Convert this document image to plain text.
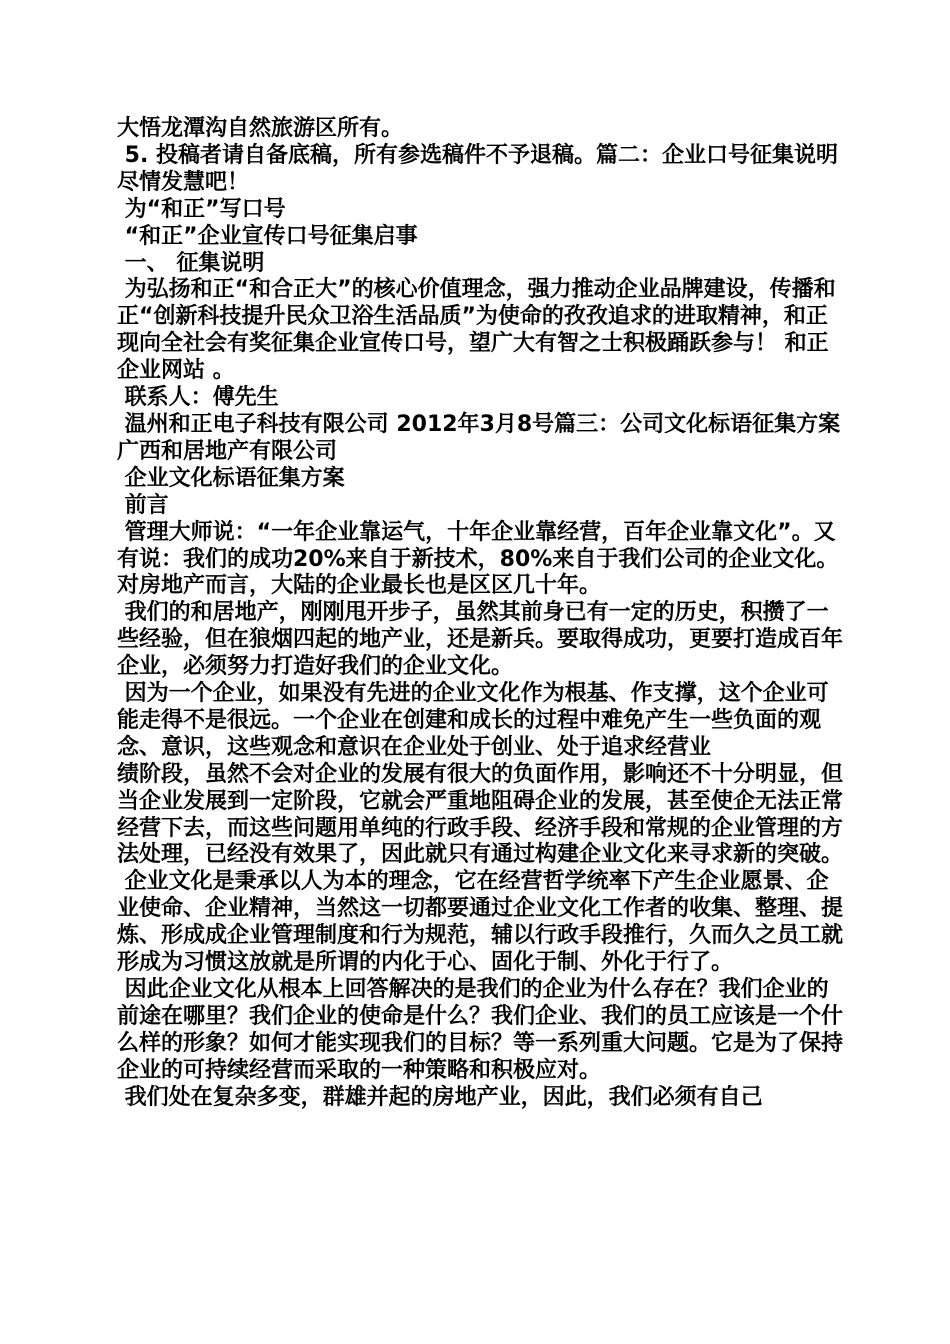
大悟龙潭沟自然旅游区所有。

5. 投稿者请自备底稿，所有参选稿件不予退稿。篇二：企业口号征集说明尽情发慧吧！

为“和正”写口号

“和正”企业宣传口号征集启事

一、 征集说明

为弘扬和正“和合正大”的核心价值理念，强力推动企业品牌建设，传播和正“创新科技提升民众卫浴生活品质”为使命的孜孜追求的进取精神，和正现向全社会有奖征集企业宣传口号，望广大有智之士积极踊跃参与！ 和正企业网站 。

联系人：傅先生

温州和正电子科技有限公司 2012年3月8号篇三：公司文化标语征集方案广西和居地产有限公司

企业文化标语征集方案

前言

管理大师说：“一年企业靠运气，十年企业靠经营，百年企业靠文化”。又有说：我们的成功20%来自于新技术，80%来自于我们公司的企业文化。对房地产而言，大陆的企业最长也是区区几十年。

我们的和居地产，刚刚甩开步子，虽然其前身已有一定的历史，积攒了一些经验，但在狼烟四起的地产业，还是新兵。要取得成功，更要打造成百年企业，必须努力打造好我们的企业文化。

因为一个企业，如果没有先进的企业文化作为根基、作支撑，这个企业可能走得不是很远。一个企业在创建和成长的过程中难免产生一些负面的观念、意识，这些观念和意识在企业处于创业、处于追求经营业

绩阶段，虽然不会对企业的发展有很大的负面作用，影响还不十分明显，但当企业发展到一定阶段，它就会严重地阻碍企业的发展，甚至使企无法正常经营下去，而这些问题用单纯的行政手段、经济手段和常规的企业管理的方法处理，已经没有效果了，因此就只有通过构建企业文化来寻求新的突破。

企业文化是秉承以人为本的理念，它在经营哲学统率下产生企业愿景、企业使命、企业精神，当然这一切都要通过企业文化工作者的收集、整理、提炼、形成成企业管理制度和行为规范，辅以行政手段推行，久而久之员工就形成为习惯这放就是所谓的内化于心、固化于制、外化于行了。

因此企业文化从根本上回答解决的是我们的企业为什么存在？我们企业的前途在哪里？我们企业的使命是什么？我们企业、我们的员工应该是一个什么样的形象？如何才能实现我们的目标？等一系列重大问题。它是为了保持企业的可持续经营而采取的一种策略和积极应对。

我们处在复杂多变，群雄并起的房地产业，因此，我们必须有自己
